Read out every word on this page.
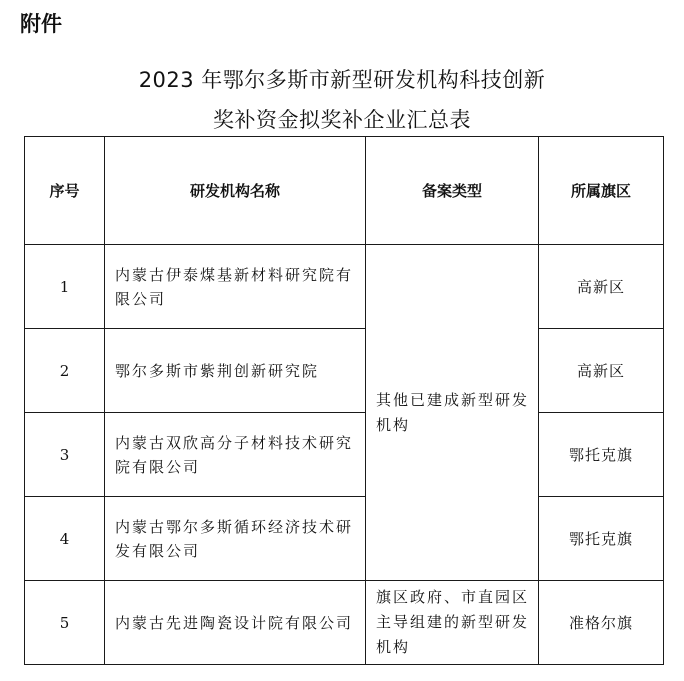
附件
2023 年鄂尔多斯市新型研发机构科技创新
奖补资金拟奖补企业汇总表
序号	研发机构名称	备案类型	所属旗区
1	内蒙古伊泰煤基新材料研究院有限公司	其他已建成新型研发机构	高新区
2	鄂尔多斯市紫荆创新研究院		高新区
3	内蒙古双欣高分子材料技术研究院有限公司		鄂托克旗
4	内蒙古鄂尔多斯循环经济技术研发有限公司		鄂托克旗
5	内蒙古先进陶瓷设计院有限公司	旗区政府、市直园区主导组建的新型研发机构	准格尔旗
